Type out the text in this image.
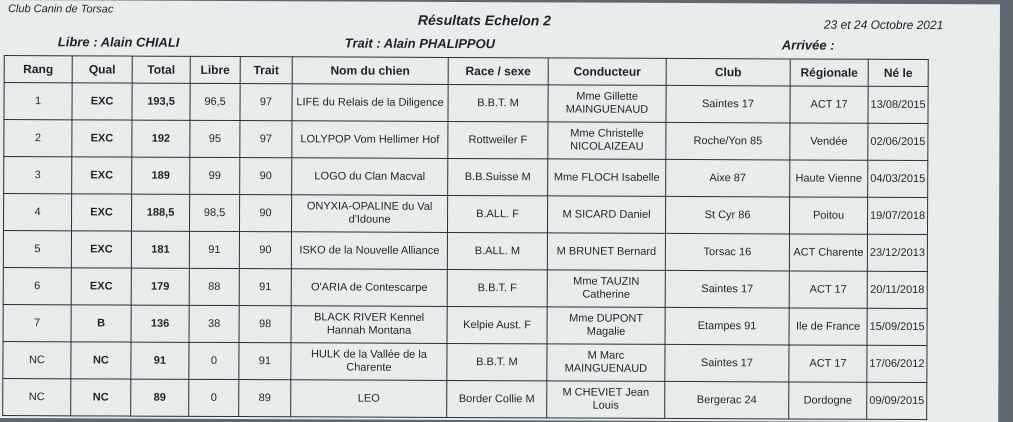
Club Canin de Torsac
Résultats Echelon 2	23 et 24 Octobre 2021
Libre : Alain CHIALI	Trait : Alain PHALIPPOU	Arrivée :
Rang	Qual	Total	Libre	Trait	Nom du chien	Race / sexe	Conducteur	Club	Régionale	Né le
1	EXC	193,5	96,5	97	LIFE du Relais de la Diligence	B.B.T. M	Mme Gillette MAINGUENAUD	Saintes 17	ACT 17	13/08/2015
2	EXC	192	95	97	LOLYPOP Vom Hellimer Hof	Rottweiler F	Mme Christelle NICOLAIZEAU	Roche/Yon 85	Vendée	02/06/2015
3	EXC	189	99	90	LOGO du Clan Macval	B.B.Suisse M	Mme FLOCH Isabelle	Aixe 87	Haute Vienne	04/03/2015
4	EXC	188,5	98,5	90	ONYXIA-OPALINE du Val d'Idoune	B.ALL. F	M SICARD Daniel	St Cyr 86	Poitou	19/07/2018
5	EXC	181	91	90	ISKO de la Nouvelle Alliance	B.ALL. M	M BRUNET Bernard	Torsac 16	ACT Charente	23/12/2013
6	EXC	179	88	91	O'ARIA de Contescarpe	B.B.T. F	Mme TAUZIN Catherine	Saintes 17	ACT 17	20/11/2018
7	B	136	38	98	BLACK RIVER Kennel Hannah Montana	Kelpie Aust. F	Mme DUPONT Magalie	Etampes 91	Ile de France	15/09/2015
NC	NC	91	0	91	HULK de la Vallée de la Charente	B.B.T. M	M Marc MAINGUENAUD	Saintes 17	ACT 17	17/06/2012
NC	NC	89	0	89	LEO	Border Collie M	M CHEVIET Jean Louis	Bergerac 24	Dordogne	09/09/2015
